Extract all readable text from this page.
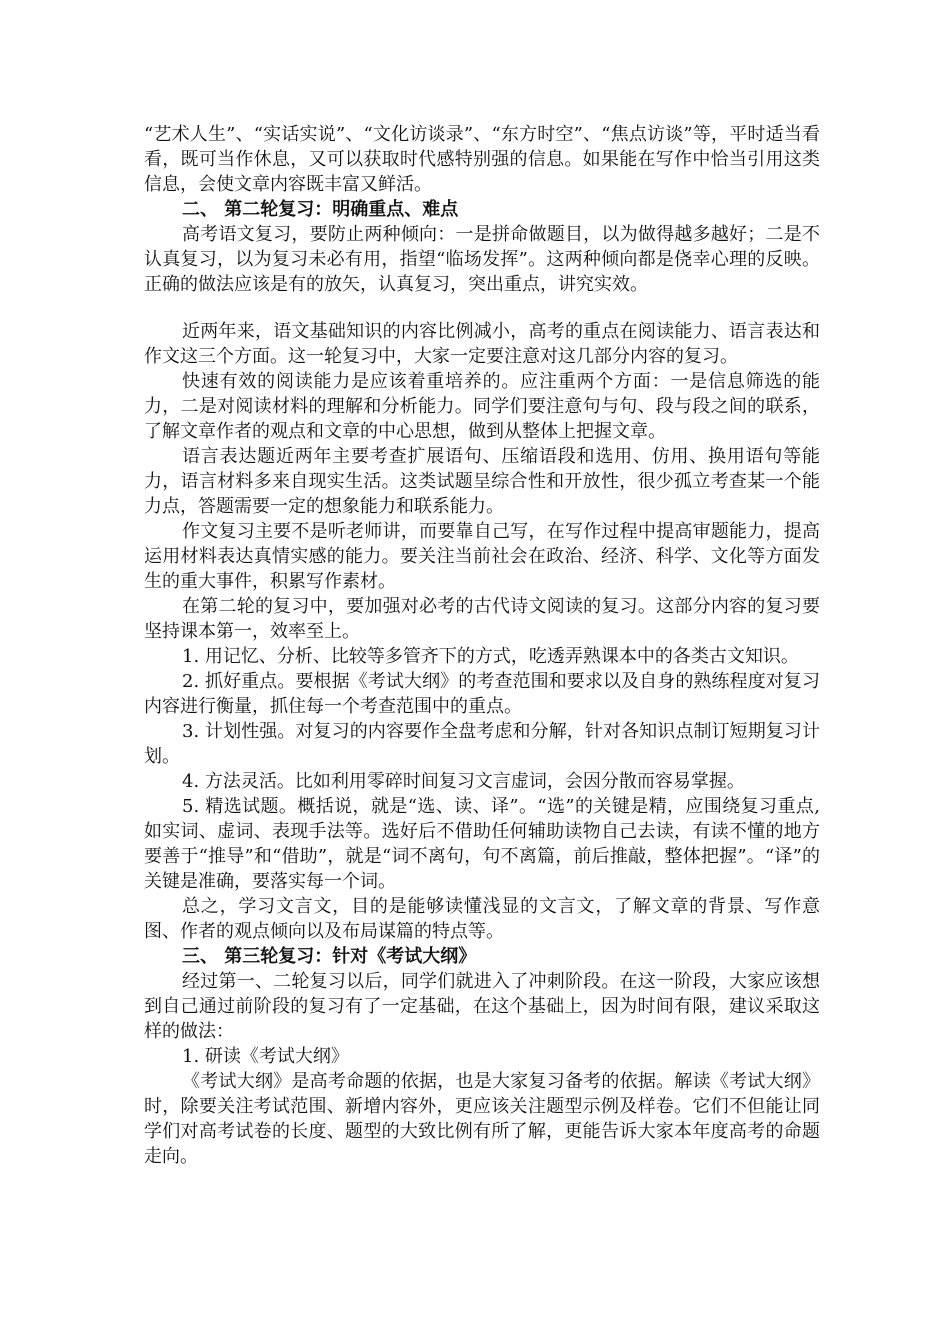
“艺术人生”、“实话实说”、“文化访谈录”、“东方时空”、“焦点访谈”等，平时适当看看，既可当作休息，又可以获取时代感特别强的信息。如果能在写作中恰当引用这类信息，会使文章内容既丰富又鲜活。

二、 第二轮复习：明确重点、难点

高考语文复习，要防止两种倾向：一是拼命做题目，以为做得越多越好；二是不认真复习，以为复习未必有用，指望“临场发挥”。这两种倾向都是侥幸心理的反映。正确的做法应该是有的放矢，认真复习，突出重点，讲究实效。

近两年来，语文基础知识的内容比例减小，高考的重点在阅读能力、语言表达和作文这三个方面。这一轮复习中，大家一定要注意对这几部分内容的复习。

快速有效的阅读能力是应该着重培养的。应注重两个方面：一是信息筛选的能力，二是对阅读材料的理解和分析能力。同学们要注意句与句、段与段之间的联系，了解文章作者的观点和文章的中心思想，做到从整体上把握文章。

语言表达题近两年主要考查扩展语句、压缩语段和选用、仿用、换用语句等能力，语言材料多来自现实生活。这类试题呈综合性和开放性，很少孤立考查某一个能力点，答题需要一定的想象能力和联系能力。

作文复习主要不是听老师讲，而要靠自己写，在写作过程中提高审题能力，提高运用材料表达真情实感的能力。要关注当前社会在政治、经济、科学、文化等方面发生的重大事件，积累写作素材。

在第二轮的复习中，要加强对必考的古代诗文阅读的复习。这部分内容的复习要坚持课本第一，效率至上。

1. 用记忆、分析、比较等多管齐下的方式，吃透弄熟课本中的各类古文知识。

2. 抓好重点。要根据《考试大纲》的考查范围和要求以及自身的熟练程度对复习内容进行衡量，抓住每一个考查范围中的重点。

3. 计划性强。对复习的内容要作全盘考虑和分解，针对各知识点制订短期复习计划。

4. 方法灵活。比如利用零碎时间复习文言虚词，会因分散而容易掌握。

5. 精选试题。概括说，就是“选、读、译”。“选”的关键是精，应围绕复习重点,如实词、虚词、表现手法等。选好后不借助任何辅助读物自己去读，有读不懂的地方要善于“推导”和“借助”，就是“词不离句，句不离篇，前后推敲，整体把握”。“译”的关键是准确，要落实每一个词。

总之，学习文言文，目的是能够读懂浅显的文言文，了解文章的背景、写作意图、作者的观点倾向以及布局谋篇的特点等。

三、 第三轮复习：针对《考试大纲》

经过第一、二轮复习以后，同学们就进入了冲刺阶段。在这一阶段，大家应该想到自己通过前阶段的复习有了一定基础，在这个基础上，因为时间有限，建议采取这样的做法：

1. 研读《考试大纲》

《考试大纲》是高考命题的依据，也是大家复习备考的依据。解读《考试大纲》时，除要关注考试范围、新增内容外，更应该关注题型示例及样卷。它们不但能让同学们对高考试卷的长度、题型的大致比例有所了解，更能告诉大家本年度高考的命题走向。
